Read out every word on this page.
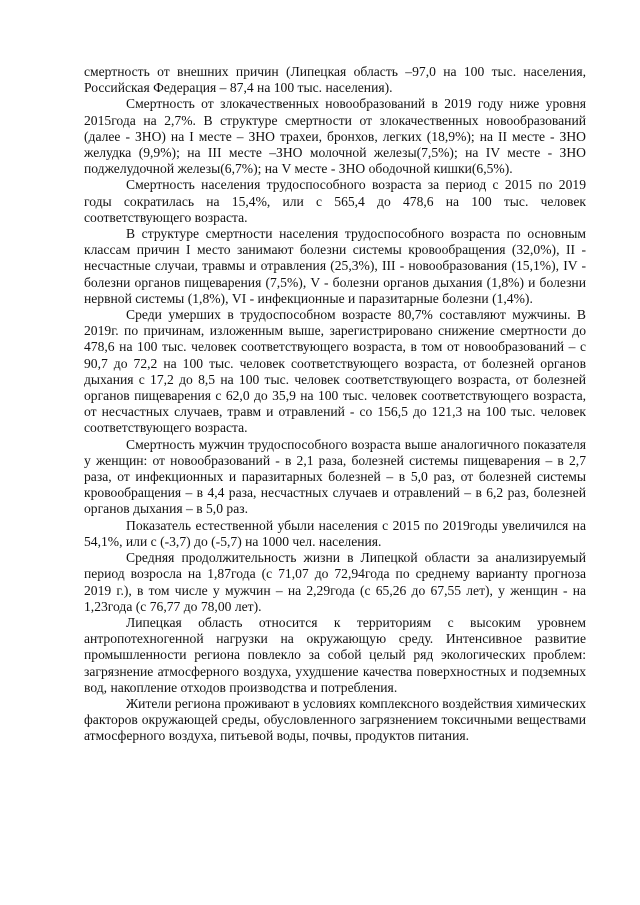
смертность от внешних причин (Липецкая область –97,0 на 100 тыс. населения, Российская Федерация – 87,4 на 100 тыс. населения).

Смертность от злокачественных новообразований в 2019 году ниже уровня 2015года на 2,7%. В структуре смертности от злокачественных новообразований (далее - ЗНО) на I месте – ЗНО трахеи, бронхов, легких (18,9%); на II месте - ЗНО желудка (9,9%); на III месте –ЗНО молочной железы(7,5%); на IV месте - ЗНО поджелудочной железы(6,7%); на V месте - ЗНО ободочной кишки(6,5%).

Смертность населения трудоспособного возраста за период с 2015 по 2019 годы сократилась на 15,4%, или с 565,4 до 478,6 на 100 тыс. человек соответствующего возраста.

В структуре смертности населения трудоспособного возраста по основным классам причин I место занимают болезни системы кровообращения (32,0%), II - несчастные случаи, травмы и отравления (25,3%), III - новообразования (15,1%), IV - болезни органов пищеварения (7,5%), V - болезни органов дыхания (1,8%) и болезни нервной системы (1,8%), VI - инфекционные и паразитарные болезни (1,4%).

Среди умерших в трудоспособном возрасте 80,7% составляют мужчины. В 2019г. по причинам, изложенным выше, зарегистрировано снижение смертности до 478,6 на 100 тыс. человек соответствующего возраста, в том от новообразований – с 90,7 до 72,2 на 100 тыс. человек соответствующего возраста, от болезней органов дыхания с 17,2 до 8,5 на 100 тыс. человек соответствующего возраста, от болезней органов пищеварения с 62,0 до 35,9 на 100 тыс. человек соответствующего возраста, от несчастных случаев, травм и отравлений - со 156,5 до 121,3 на 100 тыс. человек соответствующего возраста.

Смертность мужчин трудоспособного возраста выше аналогичного показателя у женщин: от новообразований - в 2,1 раза, болезней системы пищеварения – в 2,7 раза, от инфекционных и паразитарных болезней – в 5,0 раз, от болезней системы кровообращения – в 4,4 раза, несчастных случаев и отравлений – в 6,2 раз, болезней органов дыхания – в 5,0 раз.

Показатель естественной убыли населения с 2015 по 2019годы увеличился на 54,1%, или с (-3,7) до (-5,7) на 1000 чел. населения.

Средняя продолжительность жизни в Липецкой области за анализируемый период возросла на 1,87года (с 71,07 до 72,94года по среднему варианту прогноза 2019 г.), в том числе у мужчин – на 2,29года (с 65,26 до 67,55 лет), у женщин - на 1,23года (с 76,77 до 78,00 лет).

Липецкая область относится к территориям с высоким уровнем антропотехногенной нагрузки на окружающую среду. Интенсивное развитие промышленности региона повлекло за собой целый ряд экологических проблем: загрязнение атмосферного воздуха, ухудшение качества поверхностных и подземных вод, накопление отходов производства и потребления.

Жители региона проживают в условиях комплексного воздействия химических факторов окружающей среды, обусловленного загрязнением токсичными веществами атмосферного воздуха, питьевой воды, почвы, продуктов питания.
